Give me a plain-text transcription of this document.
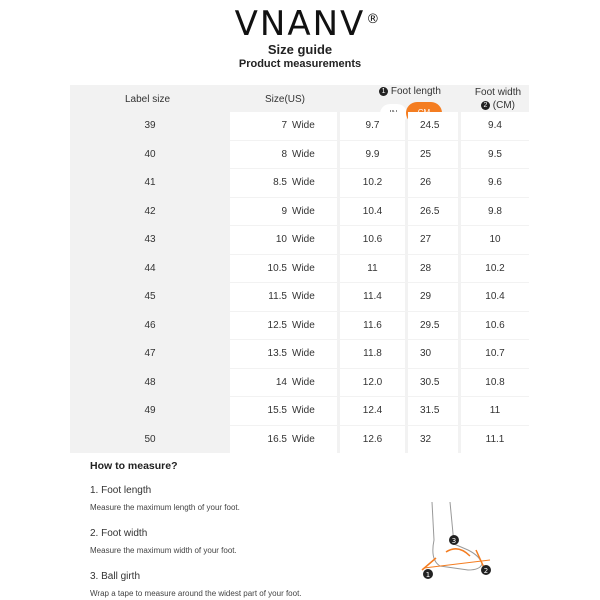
VNANV ®
Size guide
Product measurements
Label size	Size(US)
1 Foot length	Foot width
2 (CM)
39	7 Wide	9.7	24.5	9.4
40	8 Wide	9.9	25	9.5
41	8.5 Wide	10.2	26	9.6
42	9 Wide	10.4	26.5	9.8
43	10 Wide	10.6	27	10
44	10.5 Wide	11	28	10.2
45	11.5 Wide	11.4	29	10.4
46	12.5 Wide	11.6	29.5	10.6
47	13.5 Wide	11.8	30	10.7
48	14 Wide	12.0	30.5	10.8
49	15.5 Wide	12.4	31.5	11
50	16.5 Wide	12.6	32	11.1
How to measure?
1. Foot length
Measure the maximum length of your foot.
2. Foot width
Measure the maximum width of your foot.
3. Ball girth
Wrap a tape to measure around the widest part of your foot.
3
1	2
